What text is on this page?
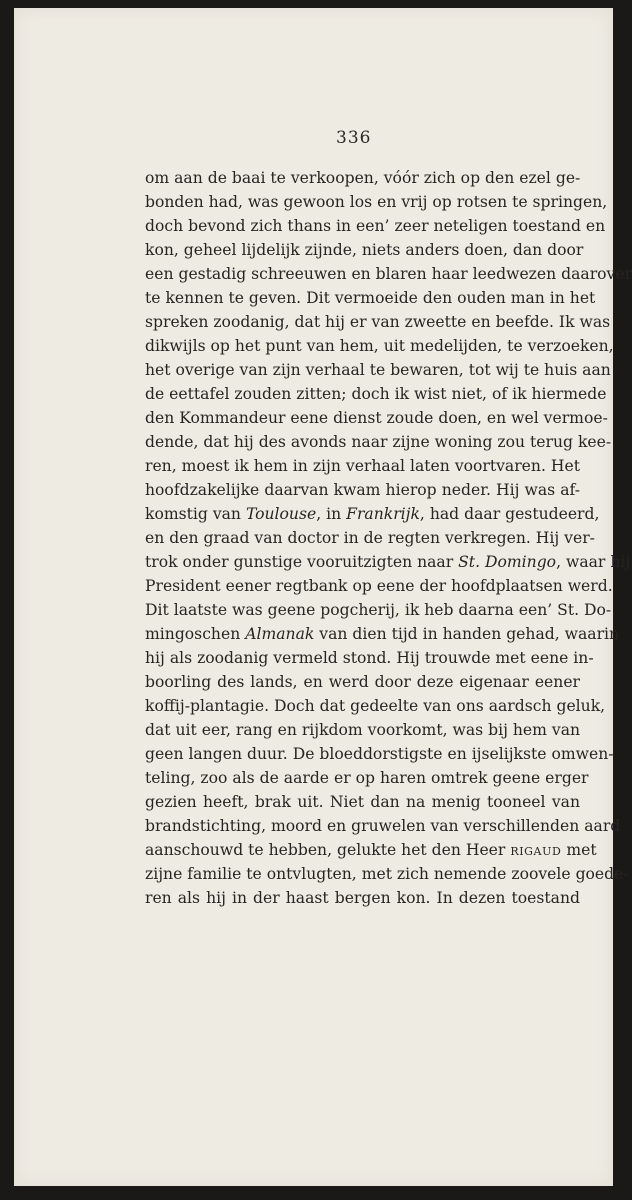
336
om aan de baai te verkoopen, vóór zich op den ezel ge-
bonden had, was gewoon los en vrij op rotsen te springen,
doch bevond zich thans in een’ zeer neteligen toestand en
kon, geheel lijdelijk zijnde, niets anders doen, dan door
een gestadig schreeuwen en blaren haar leedwezen daarover
te kennen te geven. Dit vermoeide den ouden man in het
spreken zoodanig, dat hij er van zweette en beefde. Ik was
dikwijls op het punt van hem, uit medelijden, te verzoeken,
het overige van zijn verhaal te bewaren, tot wij te huis aan
de eettafel zouden zitten; doch ik wist niet, of ik hiermede
den Kommandeur eene dienst zoude doen, en wel vermoe-
dende, dat hij des avonds naar zijne woning zou terug kee-
ren, moest ik hem in zijn verhaal laten voortvaren. Het
hoofdzakelijke daarvan kwam hierop neder. Hij was af-
komstig van Toulouse, in Frankrijk, had daar gestudeerd,
en den graad van doctor in de regten verkregen. Hij ver-
trok onder gunstige vooruitzigten naar St. Domingo, waar hij
President eener regtbank op eene der hoofdplaatsen werd.
Dit laatste was geene pogcherij, ik heb daarna een’ St. Do-
mingoschen Almanak van dien tijd in handen gehad, waarin
hij als zoodanig vermeld stond. Hij trouwde met eene in-
boorling des lands, en werd door deze eigenaar eener
koffij-plantagie. Doch dat gedeelte van ons aardsch geluk,
dat uit eer, rang en rijkdom voorkomt, was bij hem van
geen langen duur. De bloeddorstigste en ijselijkste omwen-
teling, zoo als de aarde er op haren omtrek geene erger
gezien heeft, brak uit. Niet dan na menig tooneel van
brandstichting, moord en gruwelen van verschillenden aard
aanschouwd te hebben, gelukte het den Heer rigaud met
zijne familie te ontvlugten, met zich nemende zoovele goede-
ren als hij in der haast bergen kon. In dezen toestand
